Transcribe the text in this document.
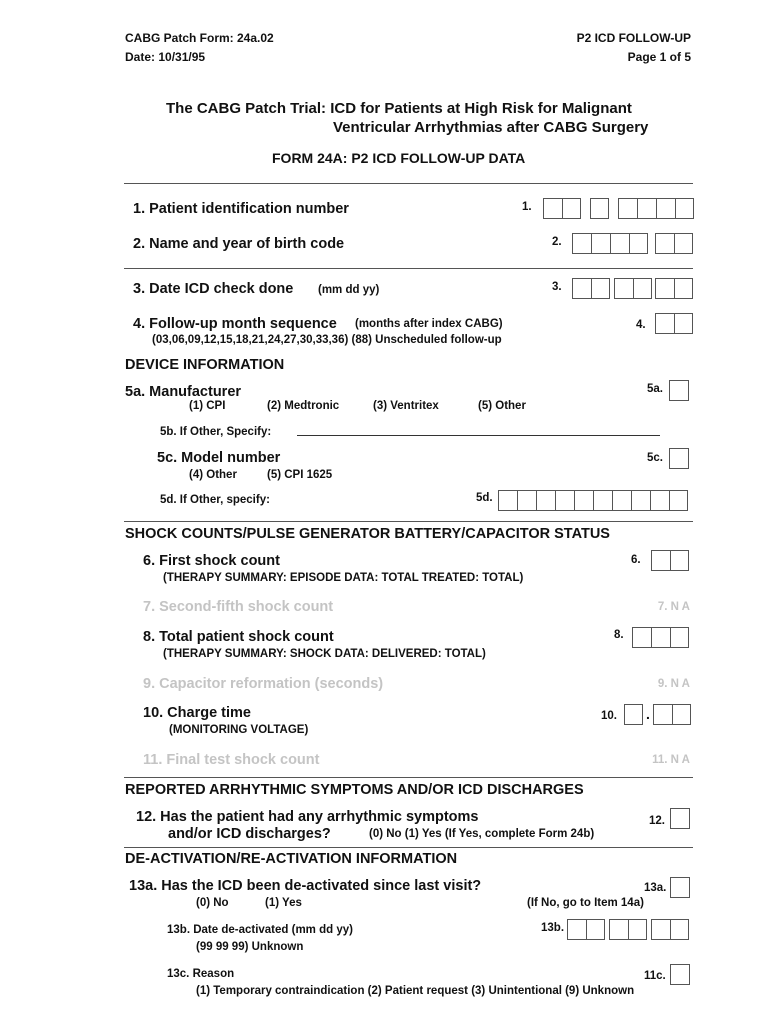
CABG Patch Form: 24a.02
Date: 10/31/95
P2 ICD FOLLOW-UP
Page 1 of 5
The CABG Patch Trial: ICD for Patients at High Risk for Malignant
Ventricular Arrhythmias after CABG Surgery
FORM 24A: P2 ICD FOLLOW-UP DATA
1. Patient identification number	1.
2. Name and year of birth code	2.
3. Date ICD check done (mm dd yy)	3.
4. Follow-up month sequence (months after index CABG)
(03,06,09,12,15,18,21,24,27,30,33,36) (88) Unscheduled follow-up
4.
DEVICE INFORMATION
5a. Manufacturer	5a.
(1) CPI	(2) Medtronic	(3) Ventritex	(5) Other
5b. If Other, Specify:
5c. Model number	5c.
(4) Other	(5) CPI 1625
5d. If Other, specify:	5d.
SHOCK COUNTS/PULSE GENERATOR BATTERY/CAPACITOR STATUS
6. First shock count
(THERAPY SUMMARY: EPISODE DATA: TOTAL TREATED: TOTAL)
6.
7. Second-fifth shock count	7. N A
8. Total patient shock count
(THERAPY SUMMARY: SHOCK DATA: DELIVERED: TOTAL)
8.
9. Capacitor reformation (seconds)	9. N A
10. Charge time
(MONITORING VOLTAGE)
10. .
11. Final test shock count	11. N A
REPORTED ARRHYTHMIC SYMPTOMS AND/OR ICD DISCHARGES
12. Has the patient had any arrhythmic symptoms
and/or ICD discharges?	(0) No (1) Yes (If Yes, complete Form 24b)
12.
DE-ACTIVATION/RE-ACTIVATION INFORMATION
13a. Has the ICD been de-activated since last visit?	13a.
(0) No	(1) Yes	(If No, go to Item 14a)
13b. Date de-activated (mm dd yy)
(99 99 99) Unknown
13b.
13c. Reason	11c.
(1) Temporary contraindication (2) Patient request (3) Unintentional (9) Unknown
